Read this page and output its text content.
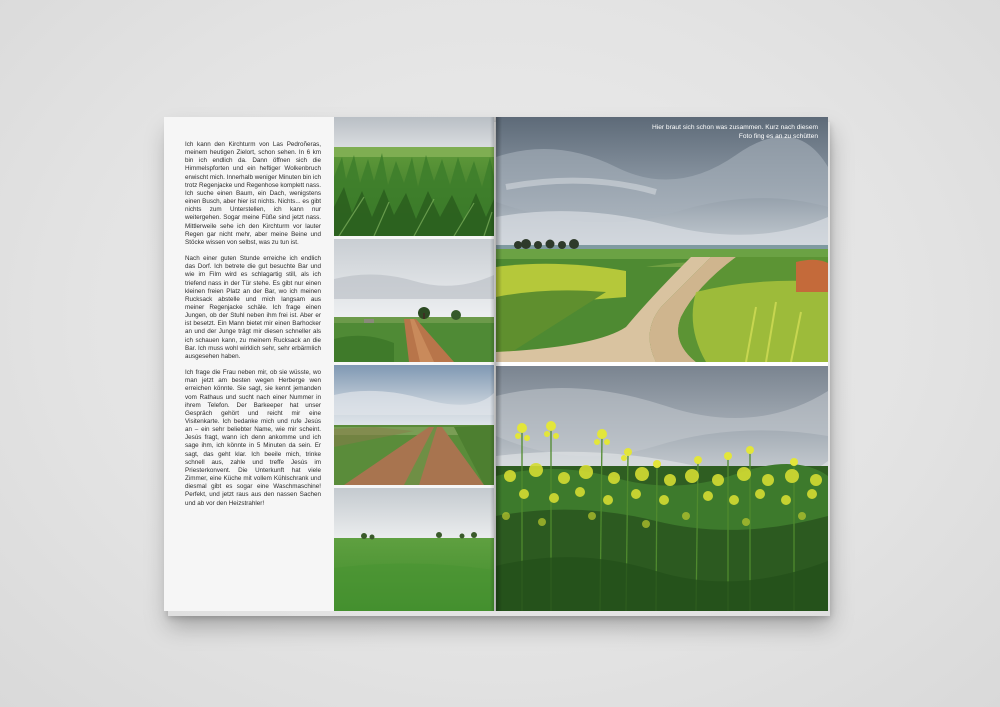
Ich kann den Kirchturm von Las Pedroñeras, meinem heutigen Zielort, schon sehen. In 6 km bin ich endlich da. Dann öffnen sich die Himmelspforten und ein heftiger Wolkenbruch erwischt mich. Innerhalb weniger Minuten bin ich trotz Regenjacke und Regenhose komplett nass. Ich suche einen Baum, ein Dach, wenigstens einen Busch, aber hier ist nichts. Nichts... es gibt nichts zum Unterstellen, ich kann nur weitergehen. Sogar meine Füße sind jetzt nass. Mittlerweile sehe ich den Kirchturm vor lauter Regen gar nicht mehr, aber meine Beine und Stöcke wissen von selbst, was zu tun ist.

Nach einer guten Stunde erreiche ich endlich das Dorf. Ich betrete die gut besuchte Bar und wie im Film wird es schlagartig still, als ich triefend nass in der Tür stehe. Es gibt nur einen kleinen freien Platz an der Bar, wo ich meinen Rucksack abstelle und mich langsam aus meiner Regenjacke schäle. Ich frage einen Jungen, ob der Stuhl neben ihm frei ist. Aber er ist besetzt. Ein Mann bietet mir einen Barhocker an und der Junge trägt mir diesen schneller als ich schauen kann, zu meinem Rucksack an die Bar. Ich muss wohl wirklich sehr, sehr erbärmlich ausgesehen haben.

Ich frage die Frau neben mir, ob sie wüsste, wo man jetzt am besten wegen Herberge wen erreichen könnte. Sie sagt, sie kennt jemanden vom Rathaus und sucht nach einer Nummer in ihrem Telefon. Der Barkeeper hat unser Gespräch gehört und reicht mir eine Visitenkarte. Ich bedanke mich und rufe Jesús an – ein sehr beliebter Name, wie mir scheint. Jesús fragt, wann ich denn ankomme und ich sage ihm, ich könnte in 5 Minuten da sein. Er sagt, das geht klar. Ich beeile mich, trinke schnell aus, zahle und treffe Jesús im Priesterkonvent. Die Unterkunft hat viele Zimmer, eine Küche mit vollem Kühlschrank und diesmal gibt es sogar eine Waschmaschine! Perfekt, und jetzt raus aus den nassen Sachen und ab vor den Heizstrahler!

Hier braut sich schon was zusammen. Kurz nach diesem Foto fing es an zu schütten
